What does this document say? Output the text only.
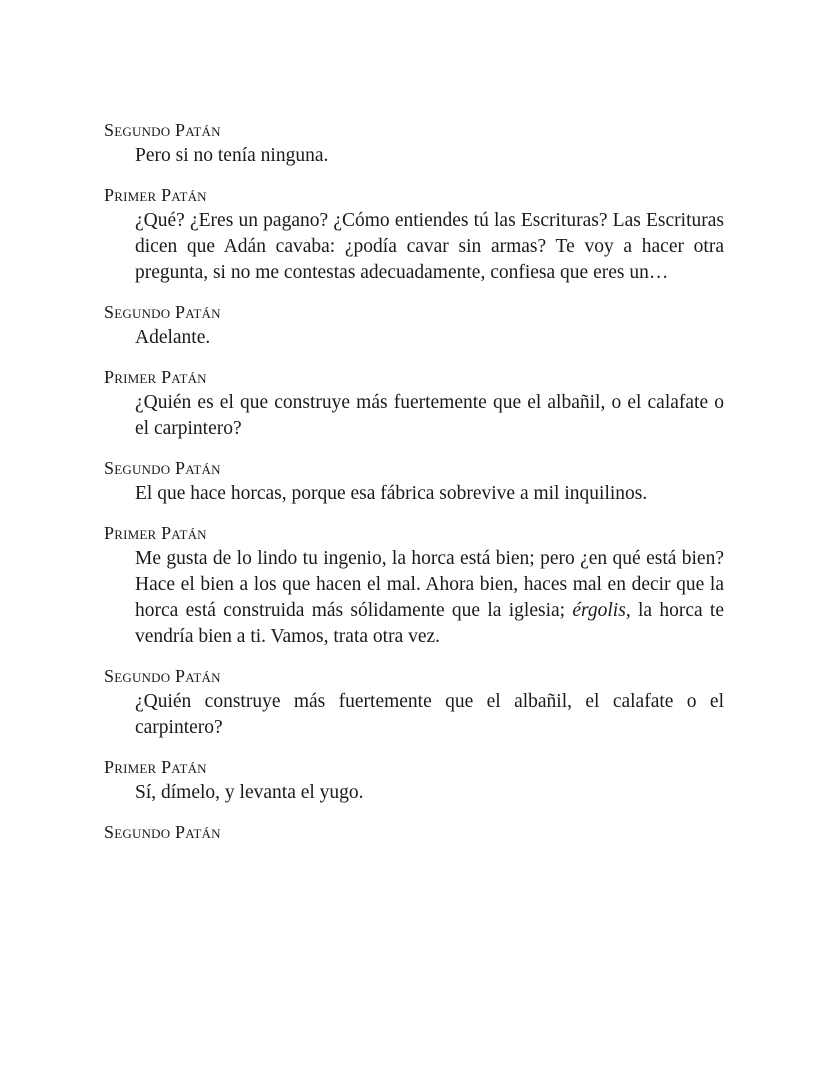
Segundo Patán

Pero si no tenía ninguna.

Primer Patán

¿Qué? ¿Eres un pagano? ¿Cómo entiendes tú las Escrituras? Las Escrituras dicen que Adán cavaba: ¿podía cavar sin armas? Te voy a hacer otra pregunta, si no me contestas adecuadamente, confiesa que eres un…

Segundo Patán

Adelante.

Primer Patán

¿Quién es el que construye más fuertemente que el albañil, o el calafate o el carpintero?

Segundo Patán

El que hace horcas, porque esa fábrica sobrevive a mil inquilinos.

Primer Patán

Me gusta de lo lindo tu ingenio, la horca está bien; pero ¿en qué está bien? Hace el bien a los que hacen el mal. Ahora bien, haces mal en decir que la horca está construida más sólidamente que la iglesia; érgolis, la horca te vendría bien a ti. Vamos, trata otra vez.

Segundo Patán

¿Quién construye más fuertemente que el albañil, el calafate o el carpintero?

Primer Patán

Sí, dímelo, y levanta el yugo.

Segundo Patán
